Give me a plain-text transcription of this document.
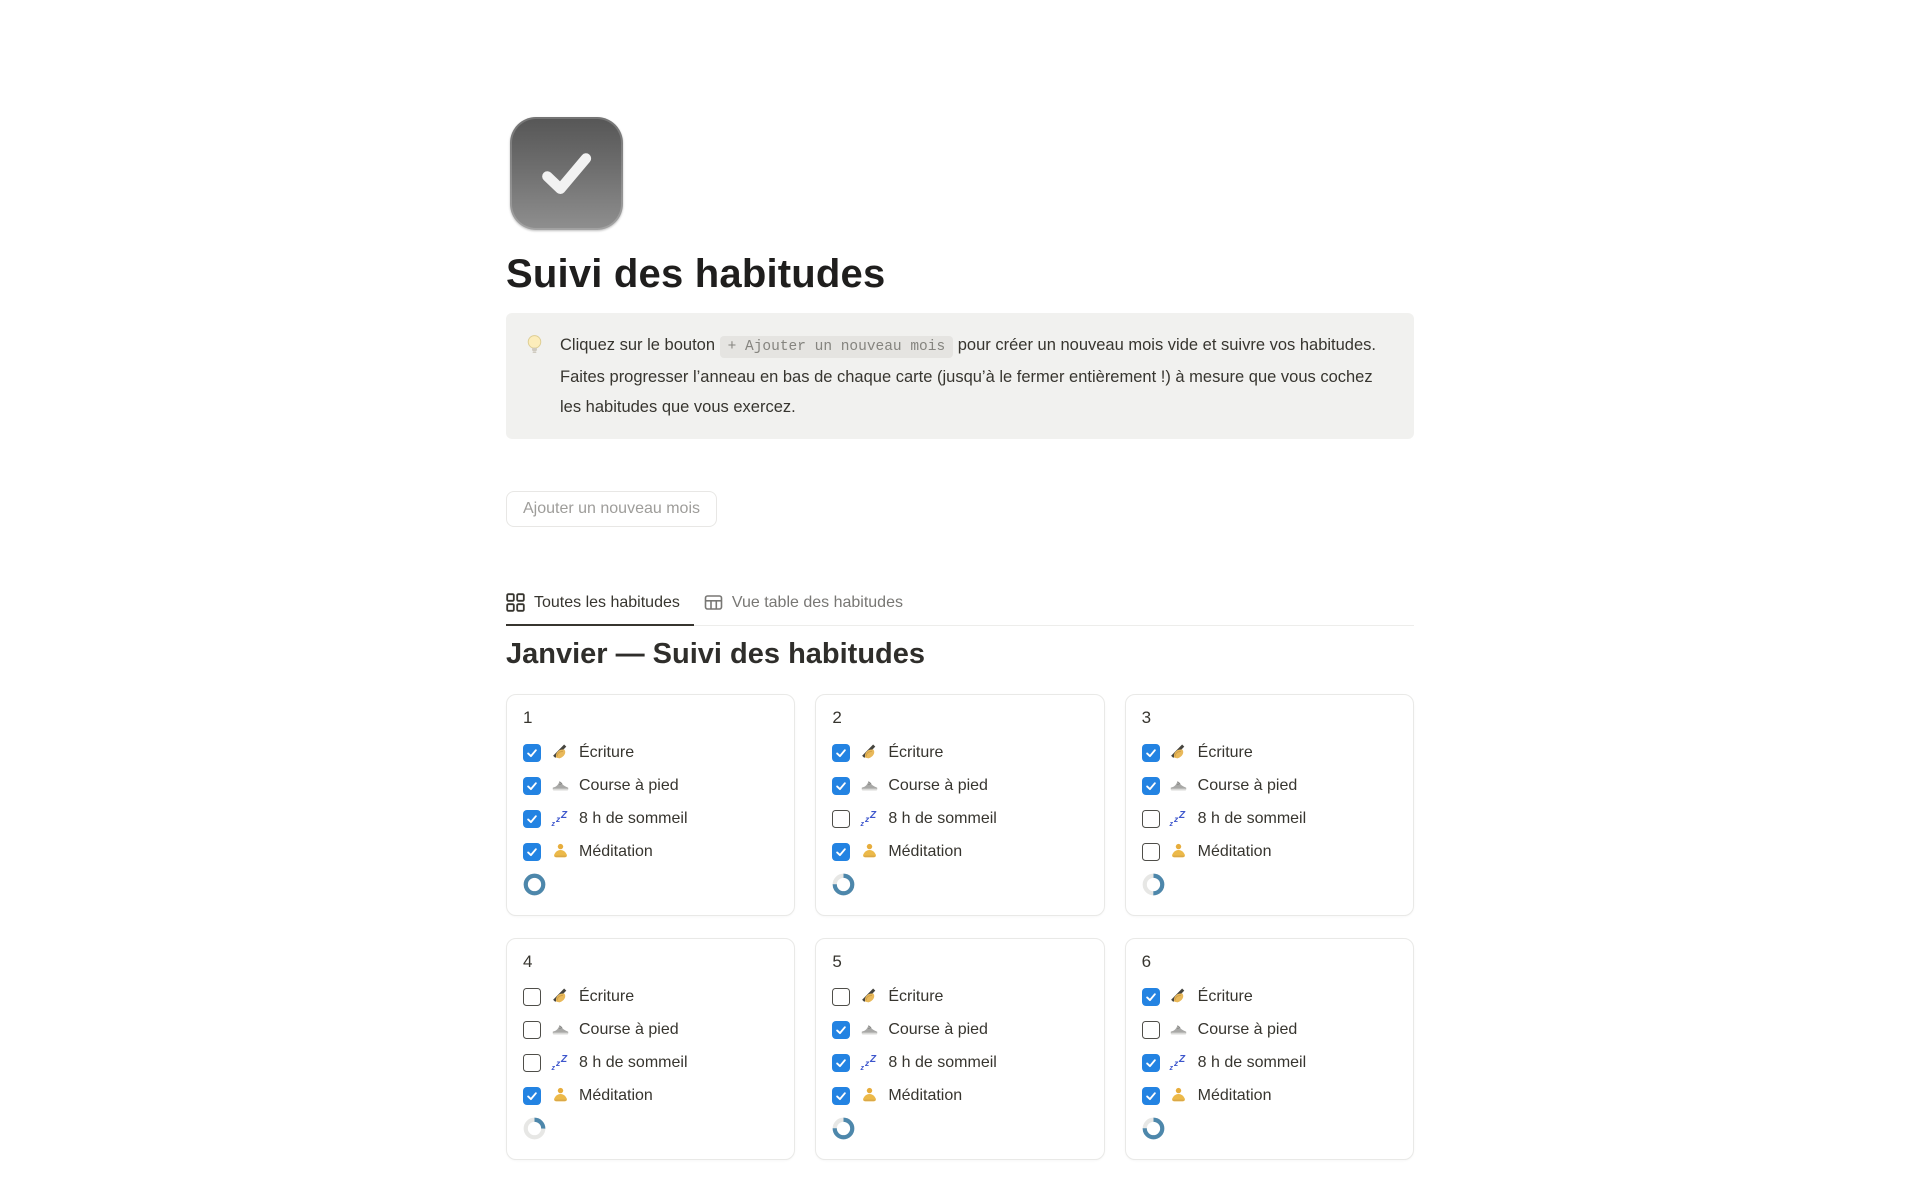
Suivi des habitudes
Cliquez sur le bouton + Ajouter un nouveau mois pour créer un nouveau mois vide et suivre vos habitudes. Faites progresser l’anneau en bas de chaque carte (jusqu’à le fermer entièrement !) à mesure que vous cochez les habitudes que vous exercez.
Ajouter un nouveau mois
Toutes les habitudes	Vue table des habitudes
Janvier — Suivi des habitudes
1
Écriture
Course à pied
z
z Z 8 h de sommeil
Méditation
2
Écriture
Course à pied
z
z Z 8 h de sommeil
Méditation
3
Écriture
Course à pied
z
z Z 8 h de sommeil
Méditation
4
Écriture
Course à pied
z
z Z 8 h de sommeil
Méditation
5
Écriture
Course à pied
z
z Z 8 h de sommeil
Méditation
6
Écriture
Course à pied
z
z Z 8 h de sommeil
Méditation
